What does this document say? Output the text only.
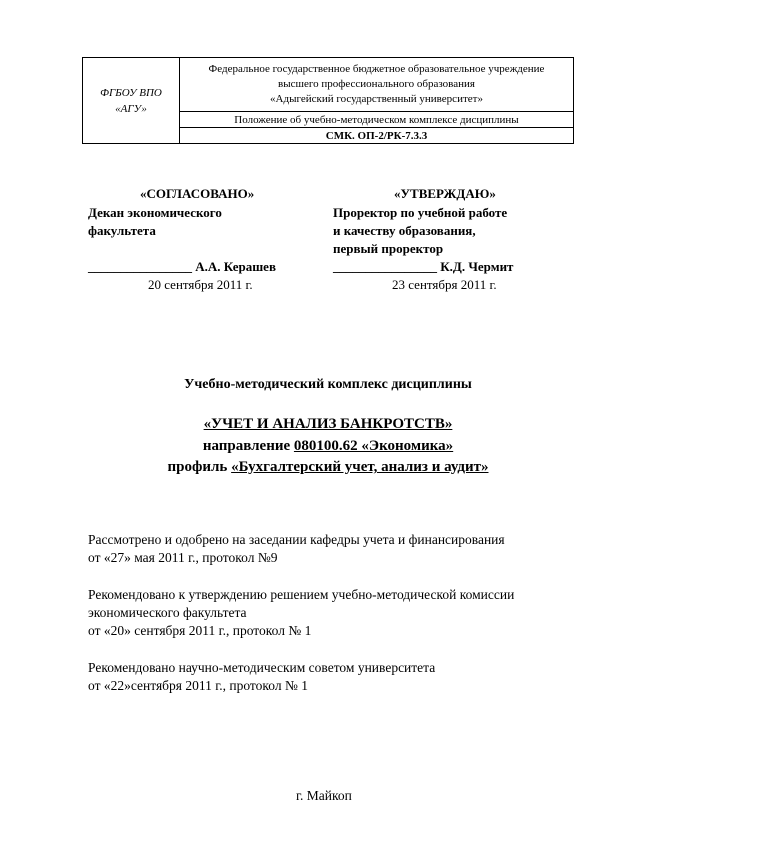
ФГБОУ ВПО
«АГУ»

Федеральное государственное бюджетное образовательное учреждение
высшего профессионального образования
«Адыгейский государственный университет»

Положение об учебно-методическом комплексе дисциплины
СМК. ОП-2/РК-7.3.3
«СОГЛАСОВАНО»
Декан экономического
факультета
________________ А.А. Керашев
20 сентября 2011 г.
«УТВЕРЖДАЮ»
Проректор по учебной работе
и качеству образования,
первый проректор
________________ К.Д. Чермит
23 сентября 2011 г.
Учебно-методический комплекс дисциплины
«УЧЕТ И АНАЛИЗ БАНКРОТСТВ»
направление 080100.62 «Экономика»
профиль «Бухгалтерский учет, анализ и аудит»
Рассмотрено и одобрено на заседании кафедры учета и финансирования
от «27» мая 2011 г., протокол №9
Рекомендовано к утверждению решением учебно-методической комиссии
экономического факультета
от «20» сентября 2011 г., протокол № 1
Рекомендовано научно-методическим советом университета
от «22»сентября 2011 г., протокол № 1
г. Майкоп
